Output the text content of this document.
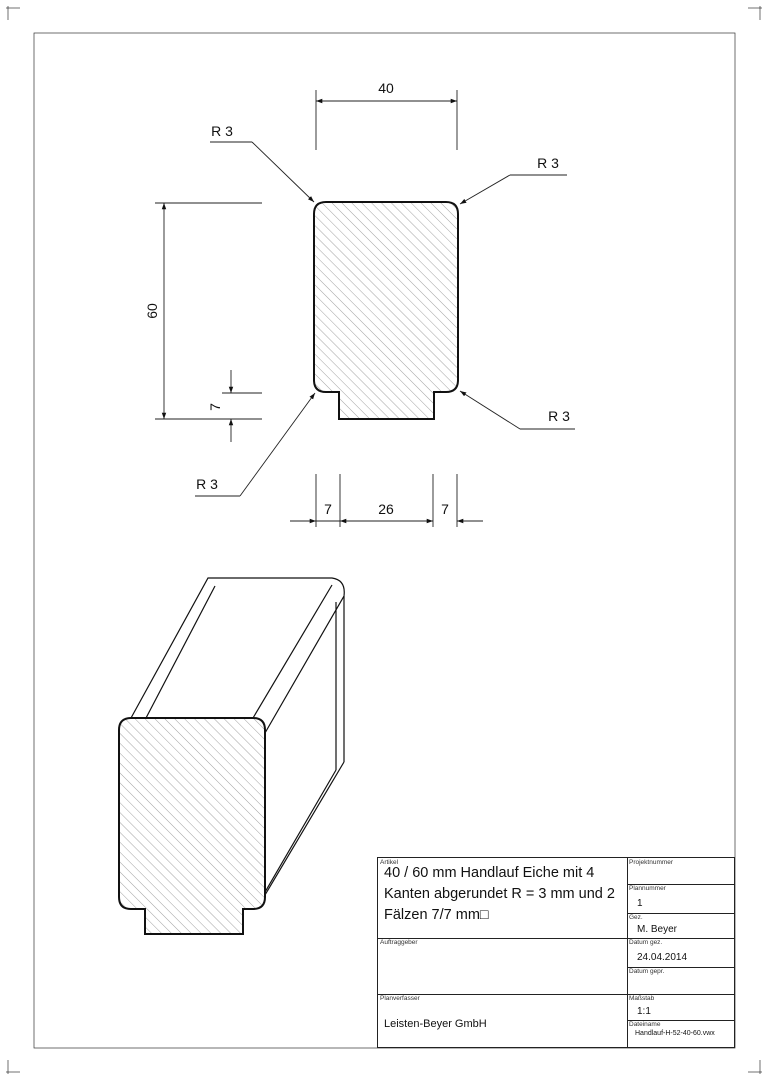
40
60
7
7	26	7
R 3
R 3
R 3
R 3
Artikel
40 / 60 mm Handlauf Eiche mit 4 Kanten abgerundet R = 3 mm und 2 Fälzen 7/7 mm□
Auftraggeber
Planverfasser
Leisten-Beyer GmbH
Projektnummer
Plannummer
1
Gez.
M. Beyer
Datum gez.
24.04.2014
Datum gepr.
Maßstab
1:1
Dateiname
Handlauf-H-52-40-60.vwx
